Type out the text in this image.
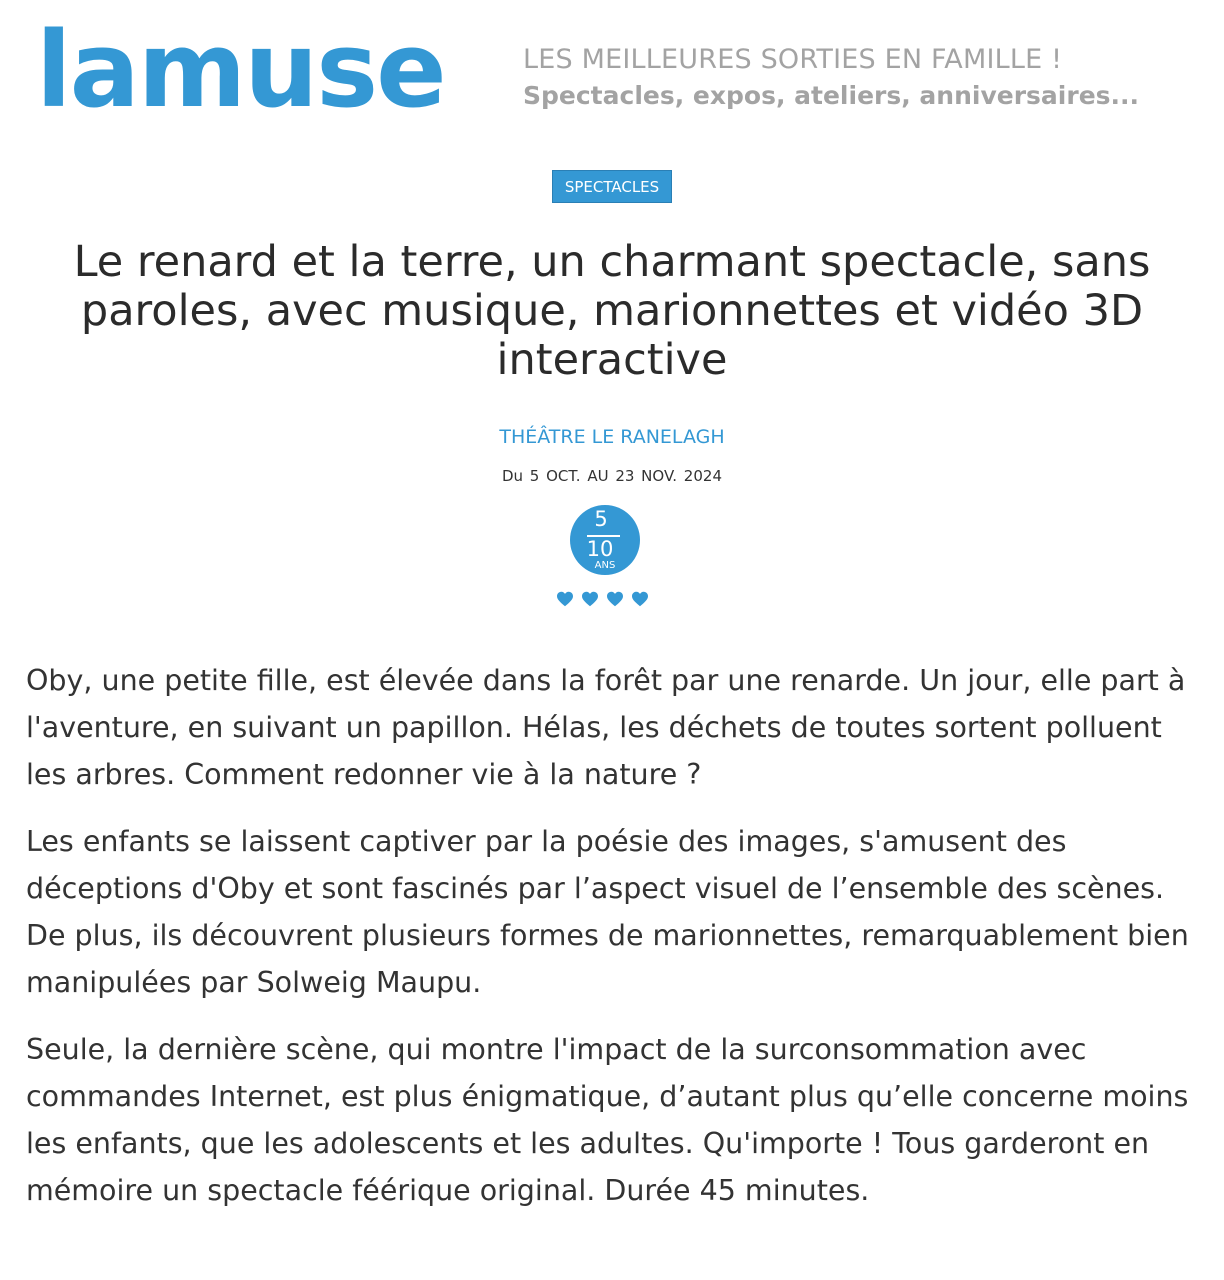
lamuse	LES MEILLEURES SORTIES EN FAMILLE !
Spectacles, expos, ateliers, anniversaires...
SPECTACLES
Le renard et la terre, un charmant spectacle, sans paroles, avec musique, marionnettes et vidéo 3D interactive
THÉÂTRE LE RANELAGH
Du 5 OCT. AU 23 NOV. 2024
5
10
ANS

Oby, une petite fille, est élevée dans la forêt par une renarde. Un jour, elle part à l'aventure, en suivant un papillon. Hélas, les déchets de toutes sortent polluent les arbres. Comment redonner vie à la nature ?

Les enfants se laissent captiver par la poésie des images, s'amusent des déceptions d'Oby et sont fascinés par l’aspect visuel de l’ensemble des scènes. De plus, ils découvrent plusieurs formes de marionnettes, remarquablement bien manipulées par Solweig Maupu.

Seule, la dernière scène, qui montre l'impact de la surconsommation avec commandes Internet, est plus énigmatique, d’autant plus qu’elle concerne moins les enfants, que les adolescents et les adultes. Qu'importe ! Tous garderont en mémoire un spectacle féérique original. Durée 45 minutes.
